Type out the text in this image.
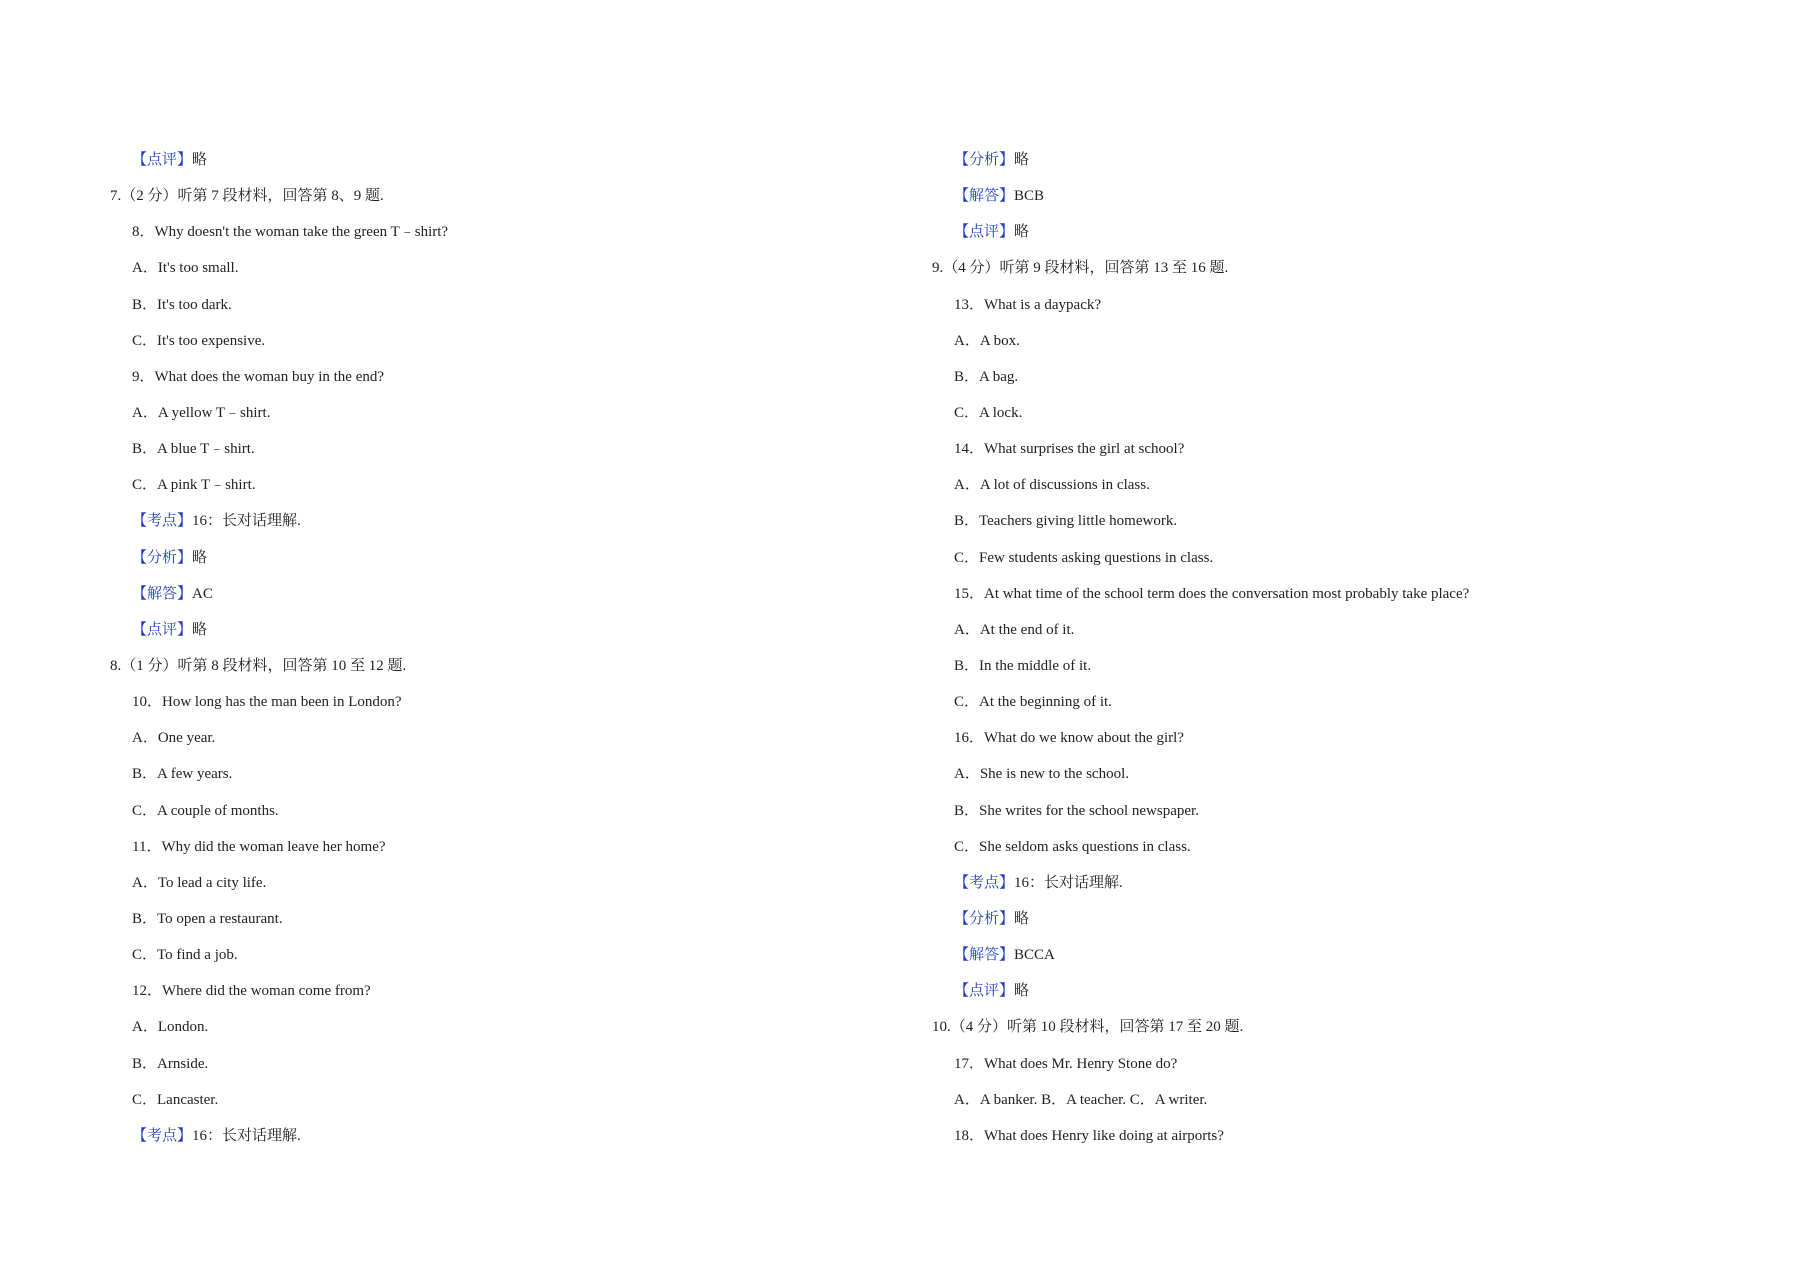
【点评】略
7.（2 分）听第 7 段材料，回答第 8、9 题.
8．Why doesn't the woman take the green T﹣shirt?
A．It's too small.
B．It's too dark.
C．It's too expensive.
9．What does the woman buy in the end?
A．A yellow T﹣shirt.
B．A blue T﹣shirt.
C．A pink T﹣shirt.
【考点】16：长对话理解.
【分析】略
【解答】AC
【点评】略
8.（1 分）听第 8 段材料，回答第 10 至 12 题.
10．How long has the man been in London?
A．One year.
B．A few years.
C．A couple of months.
11．Why did the woman leave her home?
A．To lead a city life.
B．To open a restaurant.
C．To find a job.
12．Where did the woman come from?
A．London.
B．Arnside.
C．Lancaster.
【考点】16：长对话理解.
【分析】略
【解答】BCB
【点评】略
9.（4 分）听第 9 段材料，回答第 13 至 16 题.
13．What is a daypack?
A．A box.
B．A bag.
C．A lock.
14．What surprises the girl at school?
A．A lot of discussions in class.
B．Teachers giving little homework.
C．Few students asking questions in class.
15．At what time of the school term does the conversation most probably take place?
A．At the end of it.
B．In the middle of it.
C．At the beginning of it.
16．What do we know about the girl?
A．She is new to the school.
B．She writes for the school newspaper.
C．She seldom asks questions in class.
【考点】16：长对话理解.
【分析】略
【解答】BCCA
【点评】略
10.（4 分）听第 10 段材料，回答第 17 至 20 题.
17．What does Mr. Henry Stone do?
A．A banker. B．A teacher. C．A writer.
18．What does Henry like doing at airports?
